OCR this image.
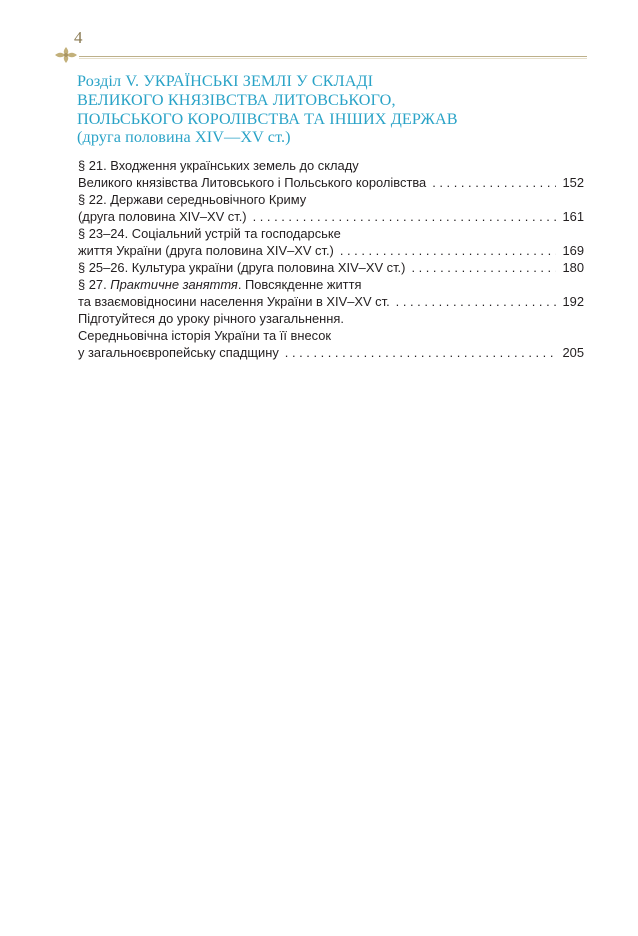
4
Розділ V. УКРАЇНСЬКІ ЗЕМЛІ У СКЛАДІ
ВЕЛИКОГО КНЯЗІВСТВА ЛИТОВСЬКОГО,
ПОЛЬСЬКОГО КОРОЛІВСТВА ТА ІНШИХ ДЕРЖАВ
(друга половина XIV—XV ст.)
§ 21. Входження українських земель до складу
Великого князівства Литовського і Польського королівства . . .	152
§ 22. Держави середньовічного Криму
(друга половина XIV–XV ст.) . . .	161
§ 23–24. Соціальний устрій та господарське
життя України (друга половина XIV–XV ст.) . . .	169
§ 25–26. Культура україни (друга половина XIV–XV ст.) . . .	180
§ 27. Практичне заняття. Повсякденне життя
та взаємовідносини населення України в XIV–XV ст. . . .	192
Підготуйтеся до уроку річного узагальнення.
Середньовічна історія України та її внесок
у загальноєвропейську спадщину . . .	205
